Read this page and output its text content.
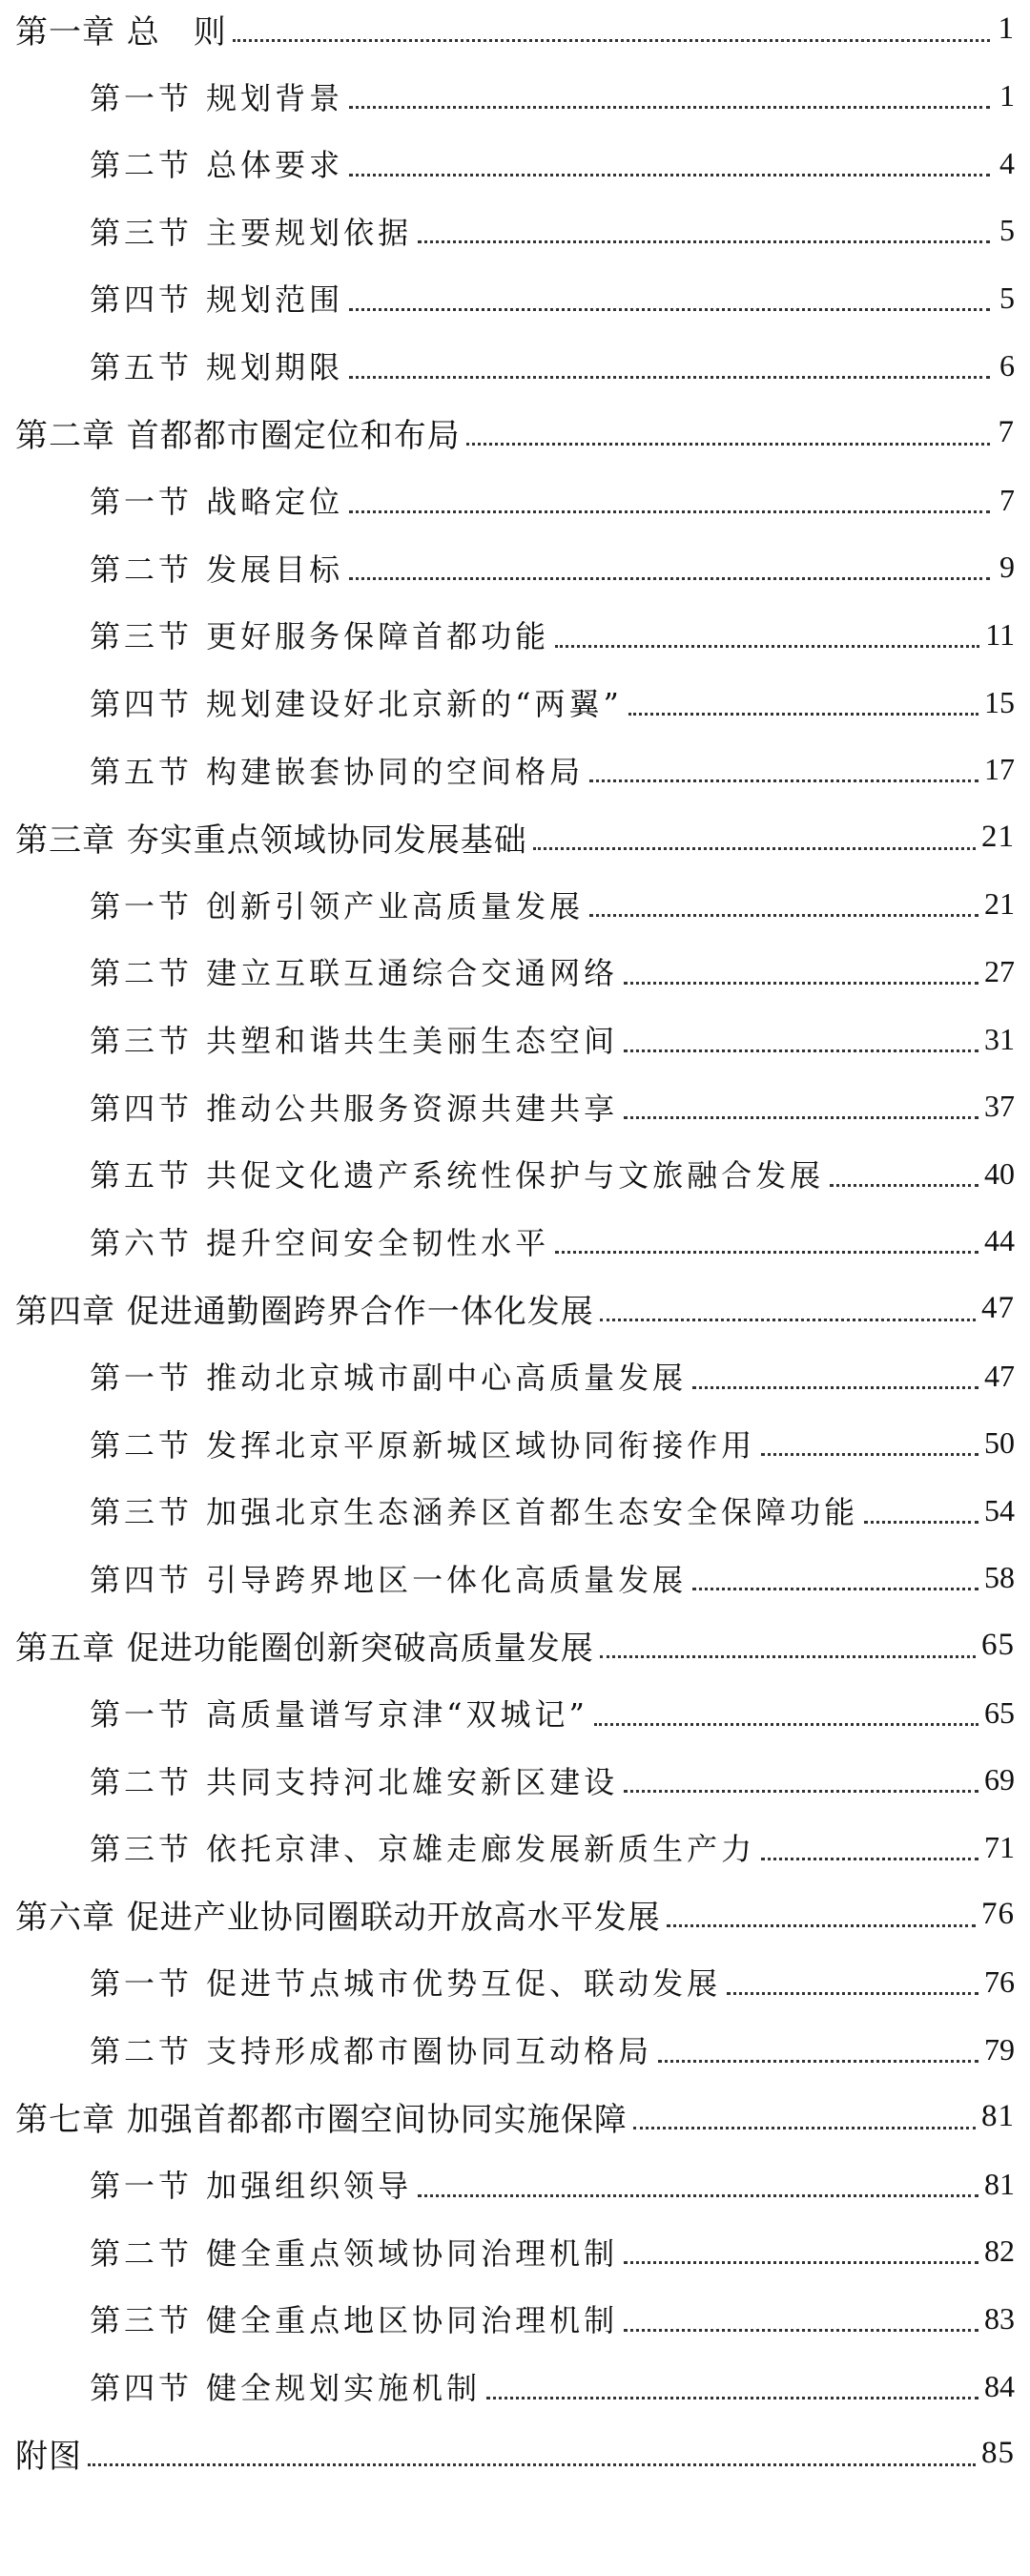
第一章 总　则	1
第一节 规划背景	1
第二节 总体要求	4
第三节 主要规划依据	5
第四节 规划范围	5
第五节 规划期限	6
第二章 首都都市圈定位和布局	7
第一节 战略定位	7
第二节 发展目标	9
第三节 更好服务保障首都功能	11
第四节 规划建设好北京新的“两翼”	15
第五节 构建嵌套协同的空间格局	17
第三章 夯实重点领域协同发展基础	21
第一节 创新引领产业高质量发展	21
第二节 建立互联互通综合交通网络	27
第三节 共塑和谐共生美丽生态空间	31
第四节 推动公共服务资源共建共享	37
第五节 共促文化遗产系统性保护与文旅融合发展	40
第六节 提升空间安全韧性水平	44
第四章 促进通勤圈跨界合作一体化发展	47
第一节 推动北京城市副中心高质量发展	47
第二节 发挥北京平原新城区域协同衔接作用	50
第三节 加强北京生态涵养区首都生态安全保障功能	54
第四节 引导跨界地区一体化高质量发展	58
第五章 促进功能圈创新突破高质量发展	65
第一节 高质量谱写京津“双城记”	65
第二节 共同支持河北雄安新区建设	69
第三节 依托京津、京雄走廊发展新质生产力	71
第六章 促进产业协同圈联动开放高水平发展	76
第一节 促进节点城市优势互促、联动发展	76
第二节 支持形成都市圈协同互动格局	79
第七章 加强首都都市圈空间协同实施保障	81
第一节 加强组织领导	81
第二节 健全重点领域协同治理机制	82
第三节 健全重点地区协同治理机制	83
第四节 健全规划实施机制	84
附图	85
